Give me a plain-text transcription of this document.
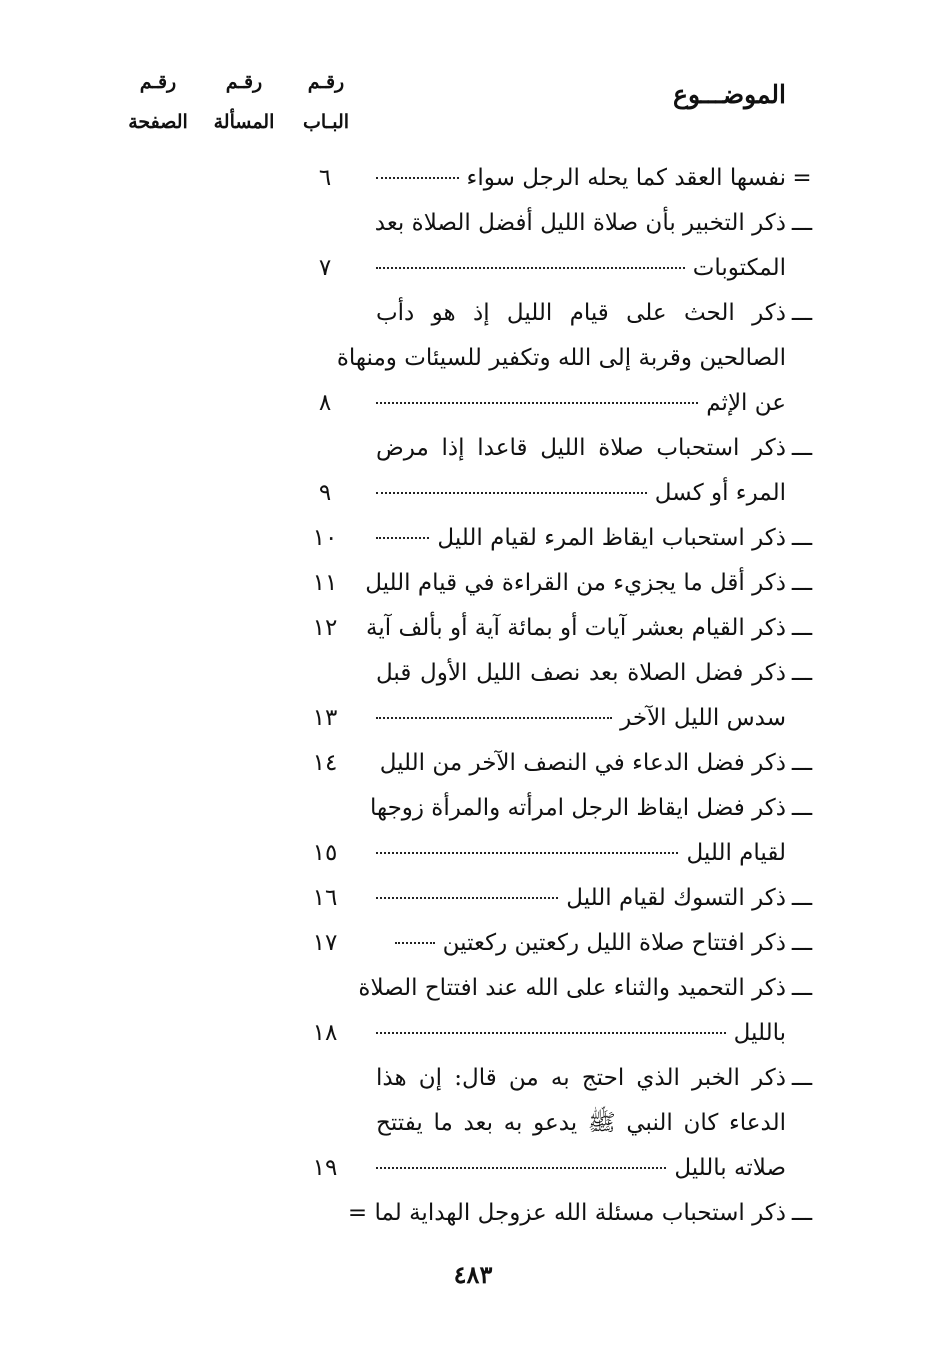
الموضـــوع
رقـم
البـاب
رقـم
المسألة
رقـم
الصفحة
=
نفسها العقد كما يحله الرجل سواء
٦
ـــ
ذكر التخبير بأن صلاة الليل أفضل الصلاة بعد
المكتوبات
٧
ـــ
ذكر الحث على قيام الليل إذ هو دأب
الصالحين وقربة إلى الله وتكفير للسيئات ومنهاة
عن الإثم
٨
ـــ
ذكر استحباب صلاة الليل قاعدا إذا مرض
المرء أو كسل
٩
ـــ
ذكر استحباب ايقاظ المرء لقيام الليل
١٠
ـــ
ذكر أقل ما يجزيء من القراءة في قيام الليل
١١
ـــ
ذكر القيام بعشر آيات أو بمائة آية أو بألف آية
١٢
ـــ
ذكر فضل الصلاة بعد نصف الليل الأول قبل
سدس الليل الآخر
١٣
ـــ
ذكر فضل الدعاء في النصف الآخر من الليل
١٤
ـــ
ذكر فضل ايقاظ الرجل امرأته والمرأة زوجها
لقيام الليل
١٥
ـــ
ذكر التسوك لقيام الليل
١٦
ـــ
ذكر افتتاح صلاة الليل ركعتين ركعتين
١٧
ـــ
ذكر التحميد والثناء على الله عند افتتاح الصلاة
بالليل
١٨
ـــ
ذكر الخبر الذي احتج به من قال: إن هذا
الدعاء كان النبي ﷺ يدعو به بعد ما يفتتح
صلاته بالليل
١٩
ـــ
ذكر استحباب مسئلة الله عزوجل الهداية لما =
٤٨٣
